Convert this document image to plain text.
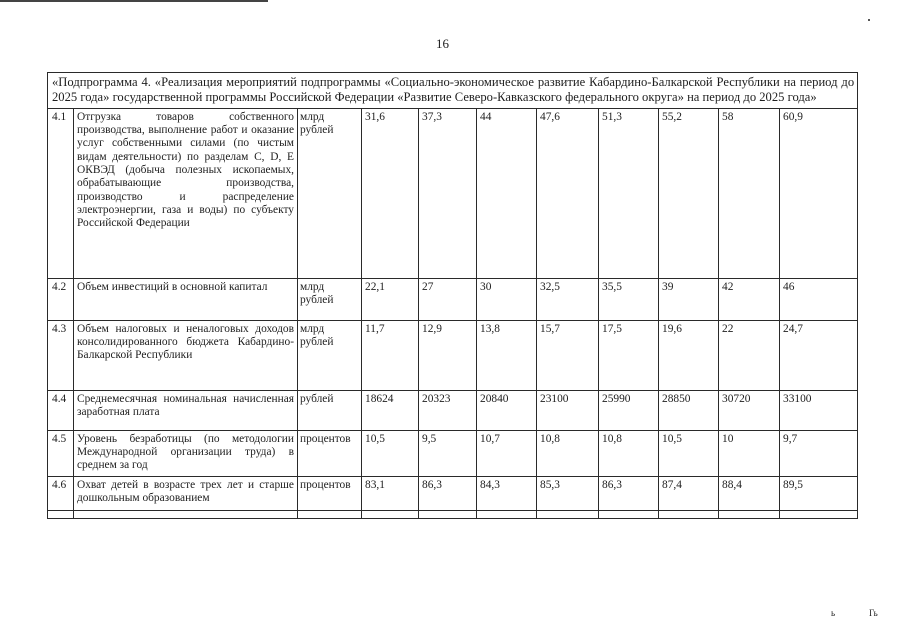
16
«Подпрограмма 4. «Реализация мероприятий подпрограммы «Социально-экономическое развитие Кабардино-Балкарской Республики на период до 2025 года» государственной программы Российской Федерации «Развитие Северо-Кавказского федерального округа» на период до 2025 года»										
4.1	Отгрузка товаров собственного производства, выполнение работ и оказание услуг собственными силами (по чистым видам деятельности) по разделам С, D, Е ОКВЭД (добыча полезных ископаемых, обрабатывающие производства, производство и распределение электроэнергии, газа и воды) по субъекту Российской Федерации	млрд рублей	31,6	37,3	44	47,6	51,3	55,2	58	60,9
4.2	Объем инвестиций в основной капитал	млрд рублей	22,1	27	30	32,5	35,5	39	42	46
4.3	Объем налоговых и неналоговых доходов консолидированного бюджета Кабардино-Балкарской Республики	млрд рублей	11,7	12,9	13,8	15,7	17,5	19,6	22	24,7
4.4	Среднемесячная номинальная начисленная заработная плата	рублей	18624	20323	20840	23100	25990	28850	30720	33100
4.5	Уровень безработицы (по методологии Международной организации труда) в среднем за год	процентов	10,5	9,5	10,7	10,8	10,8	10,5	10	9,7
4.6	Охват детей в возрасте трех лет и старше дошкольным образованием	процентов	83,1	86,3	84,3	85,3	86,3	87,4	88,4	89,5

ь	Гь
